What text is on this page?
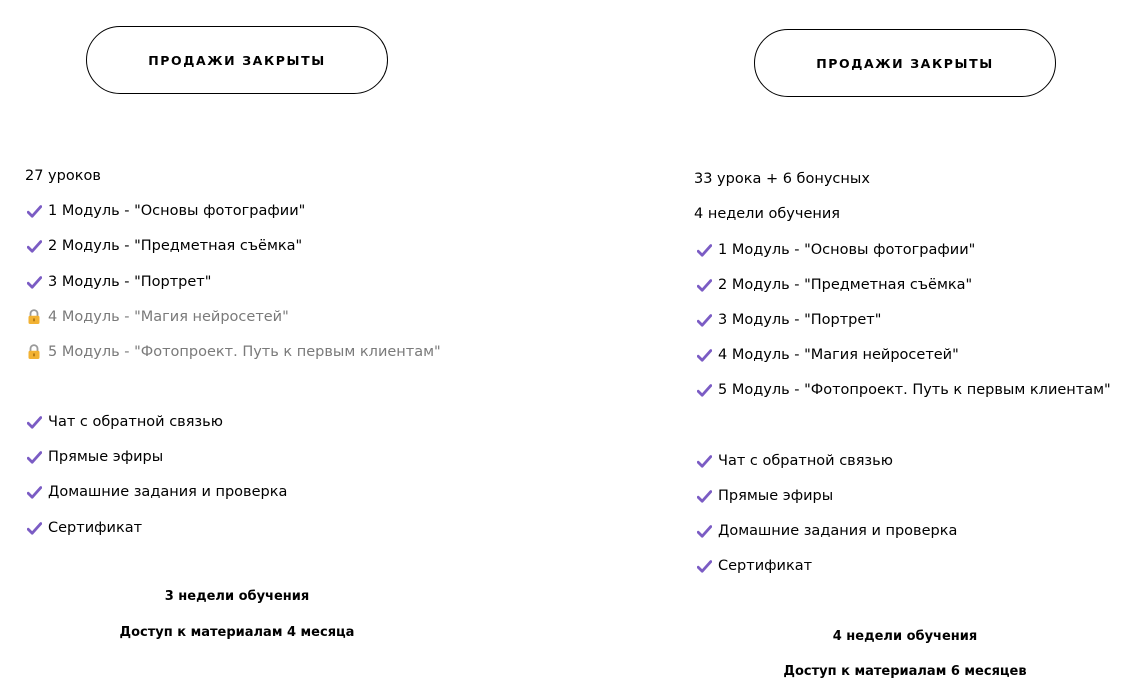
ПРОДАЖИ ЗАКРЫТЫ
27 уроков
1 Модуль - "Основы фотографии"
2 Модуль - "Предметная съёмка"
3 Модуль - "Портрет"
4 Модуль - "Магия нейросетей"
5 Модуль - "Фотопроект. Путь к первым клиентам"
Чат с обратной связью
Прямые эфиры
Домашние задания и проверка
Сертификат
3 недели обучения
Доступ к материалам 4 месяца
ПРОДАЖИ ЗАКРЫТЫ
33 урока + 6 бонусных
4 недели обучения
1 Модуль - "Основы фотографии"
2 Модуль - "Предметная съёмка"
3 Модуль - "Портрет"
4 Модуль - "Магия нейросетей"
5 Модуль - "Фотопроект. Путь к первым клиентам"
Чат с обратной связью
Прямые эфиры
Домашние задания и проверка
Сертификат
4 недели обучения
Доступ к материалам 6 месяцев
